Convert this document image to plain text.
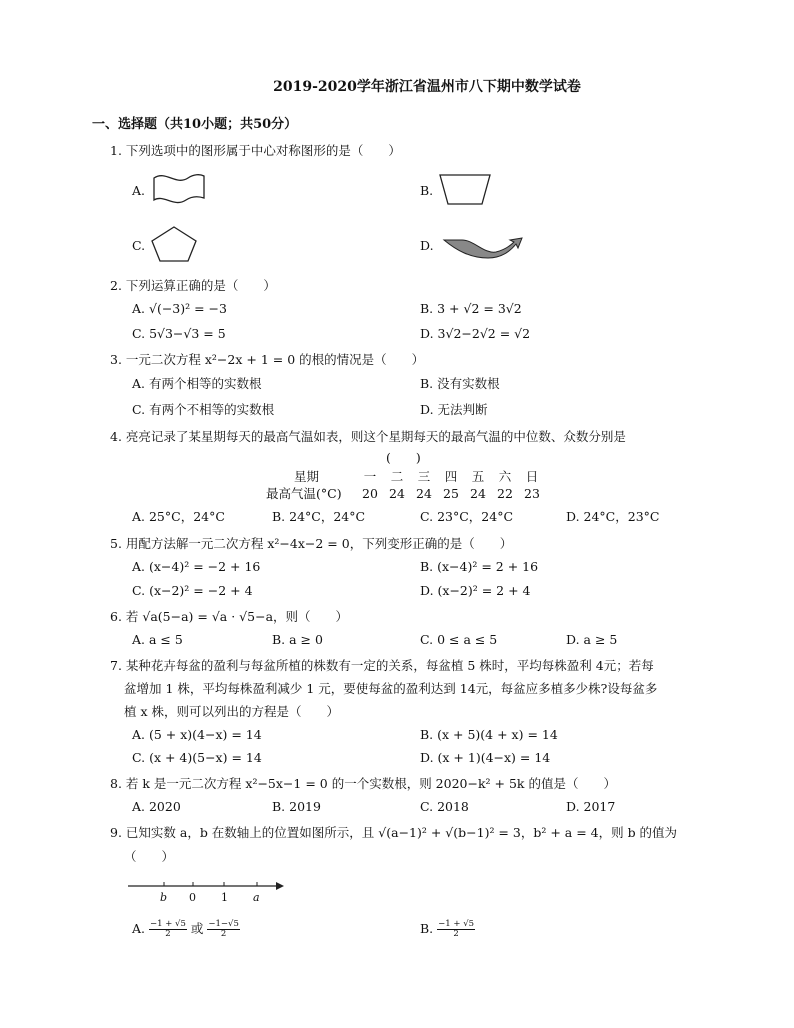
2019-2020学年浙江省温州市八下期中数学试卷
一、选择题（共10小题；共50分）
1. 下列选项中的图形属于中心对称图形的是（　　）
A.	B.
C.	D.
2. 下列运算正确的是（　　）
A. √(−3)² = −3	B. 3 + √2 = 3√2
C. 5√3−√3 = 5	D. 3√2−2√2 = √2
3. 一元二次方程 x²−2x + 1 = 0 的根的情况是（　　）
A. 有两个相等的实数根	B. 没有实数根
C. 有两个不相等的实数根	D. 无法判断
4. 亮亮记录了某星期每天的最高气温如表，则这个星期每天的最高气温的中位数、众数分别是
(　　)
星期	一	二	三	四	五	六	日
最高气温(°C)	20 24 24 25 24 22 23
A. 25°C，24°C	B. 24°C，24°C	C. 23°C，24°C	D. 24°C，23°C
5. 用配方法解一元二次方程 x²−4x−2 = 0，下列变形正确的是（　　）
A. (x−4)² = −2 + 16	B. (x−4)² = 2 + 16
C. (x−2)² = −2 + 4	D. (x−2)² = 2 + 4
6. 若 √a(5−a) = √a · √5−a，则（　　）
A. a ≤ 5	B. a ≥ 0	C. 0 ≤ a ≤ 5	D. a ≥ 5
7. 某种花卉每盆的盈利与每盆所植的株数有一定的关系，每盆植 5 株时，平均每株盈利 4元；若每
盆增加 1 株，平均每株盈利减少 1 元，要使每盆的盈利达到 14元，每盆应多植多少株?设每盆多
植 x 株，则可以列出的方程是（　　）
A. (5 + x)(4−x) = 14	B. (x + 5)(4 + x) = 14
C. (x + 4)(5−x) = 14	D. (x + 1)(4−x) = 14
8. 若 k 是一元二次方程 x²−5x−1 = 0 的一个实数根，则 2020−k² + 5k 的值是（　　）
A. 2020	B. 2019	C. 2018	D. 2017
9. 已知实数 a，b 在数轴上的位置如图所示，且 √(a−1)² + √(b−1)² = 3，b² + a = 4，则 b 的值为
（　　）
b 0 1 a
A. $\frac{-1 + √5}{2}$ 或 $\frac{-1-√5}{2}$	B. $\frac{-1 + √5}{2}$
